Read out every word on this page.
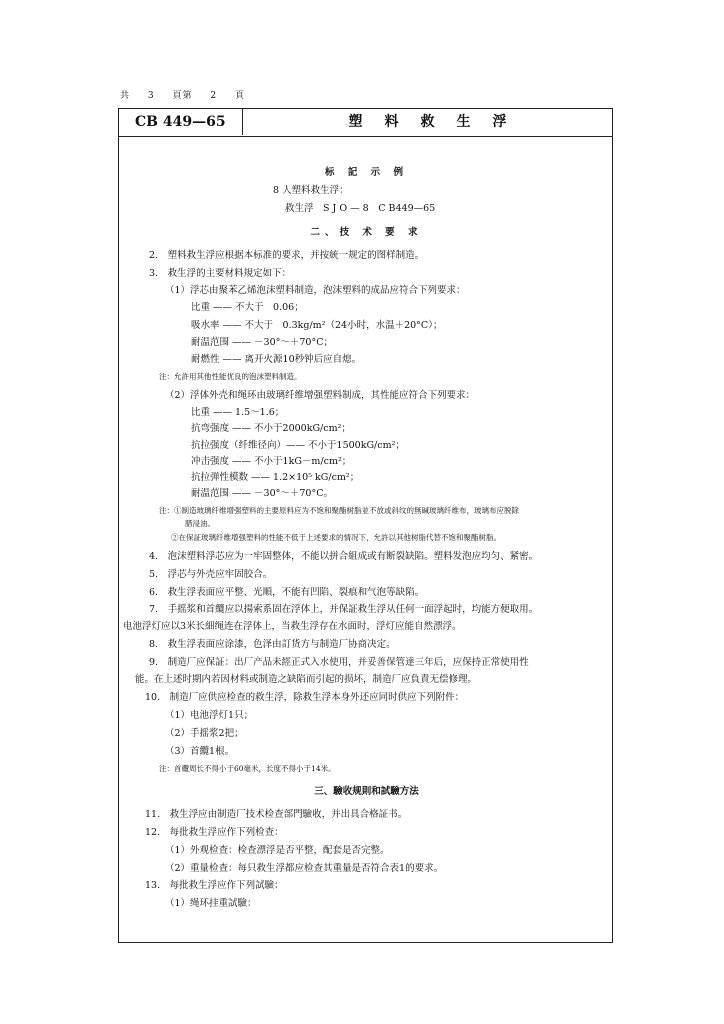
共 3 頁第 2 頁
CB 449—65	塑料救生浮
标 記 示 例
8 人塑料救生浮：
救生浮　S J O — 8　C B449—65
二、技 术 要 求
2.　塑料救生浮应根据本标准的要求，并按統一规定的图样制造。
3.　救生浮的主要材料規定如下：
（1）浮芯由聚苯乙烯泡沫塑料制造，泡沫塑料的成品应符合下列要求：
比重 —— 不大于　0.06；
吸水率 —— 不大于　0.3kg/m²（24小时，水温＋20°C）；
耐温范围 —— －30°～＋70°C；
耐燃性 —— 离开火源10秒钟后应自熄。
注：允許用其他性能优良的泡沫塑料制造。
（2）浮体外壳和绳环由玻璃纤维增强塑料制成，其性能应符合下列要求：
比重 —— 1.5～1.6；
抗弯强度 —— 不小于2000kG/cm²；
抗拉强度（纤维径向）—— 不小于1500kG/cm²；
冲击强度 —— 不小于1kG－m/cm²；
抗拉弹性模数 —— 1.2×10⁵ kG/cm²；
耐温范围 —— －30°～＋70°C。
注：①制造玻璃纤维增强塑料的主要原料应为不饱和聚酯树脂並不放或斜纹的無碱玻璃纤维布，玻璃布应脱除
腊浸油。
②在保証玻璃纤维增强塑料的性能不低于上述要求的情况下，允許以其他树脂代替不饱和聚酯树脂。
4.　泡沫塑料浮芯应为一牢固整体，不能以拼合組成或有断裂缺陷。塑料发泡应均匀、紧密。
5.　浮芯与外壳应牢固胶合。
6.　救生浮表面应平整、光順，不能有凹陷、裂痕和气泡等缺陷。
7.　手摇浆和首纜应以揚索系固在浮体上，并保証救生浮从任何一面浮起时，均能方便取用。
电池浮灯应以3米长細绳连在浮体上，当救生浮存在水面时，浮灯应能自然漂浮。
8.　救生浮表面应涂漆，色泽由訂货方与制造厂协商决定。
9.　制造厂应保証：出厂产品未經正式入水使用，并妥善保管達三年后，应保持正常使用性
能。在上述时期内若因材料或制造之缺陷而引起的损坏，制造厂应負責无偿修理。
10.　制造厂应供应检查的救生浮，除救生浮本身外还应同时供应下列附件：
（1）电池浮灯1只；
（2）手摇浆2把；
（3）首纜1根。
注：首纜周长不得小于60毫米，长度不得小于14米。
三、驗收规則和試驗方法
11.　救生浮应由制造厂技术检查部門驗收，并出具合格証书。
12.　每批救生浮应作下列检查：
（1）外观检查：检查漂浮是否平整，配套是否完整。
（2）重量检查：每只救生浮都应检查其重量是否符合表1的要求。
13.　每批救生浮应作下列試驗：
（1）绳环挂重試驗：
